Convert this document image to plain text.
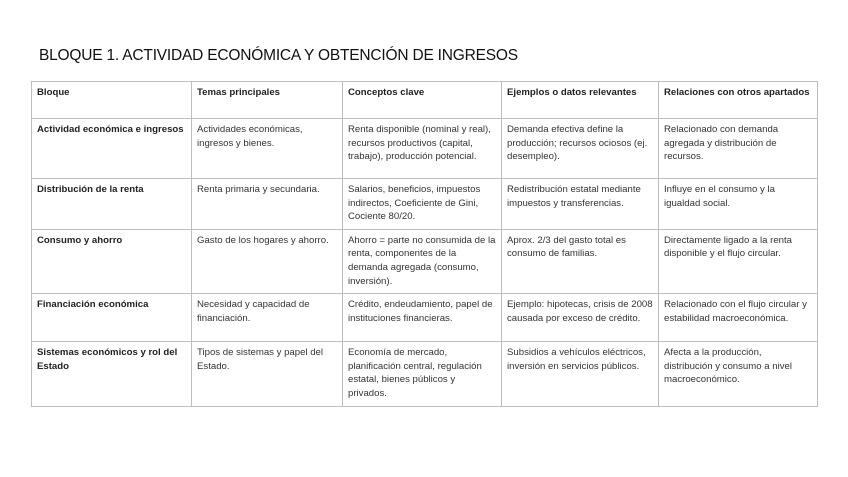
BLOQUE 1. ACTIVIDAD ECONÓMICA Y OBTENCIÓN DE INGRESOS
Bloque	Temas principales	Conceptos clave	Ejemplos o datos relevantes	Relaciones con otros apartados
Actividad económica e ingresos	Actividades económicas, ingresos y bienes.	Renta disponible (nominal y real), recursos productivos (capital, trabajo), producción potencial.	Demanda efectiva define la producción; recursos ociosos (ej. desempleo).	Relacionado con demanda agregada y distribución de recursos.
Distribución de la renta	Renta primaria y secundaria.	Salarios, beneficios, impuestos indirectos, Coeficiente de Gini, Cociente 80/20.	Redistribución estatal mediante impuestos y transferencias.	Influye en el consumo y la igualdad social.
Consumo y ahorro	Gasto de los hogares y ahorro.	Ahorro = parte no consumida de la renta, componentes de la demanda agregada (consumo, inversión).	Aprox. 2/3 del gasto total es consumo de familias.	Directamente ligado a la renta disponible y el flujo circular.
Financiación económica	Necesidad y capacidad de financiación.	Crédito, endeudamiento, papel de instituciones financieras.	Ejemplo: hipotecas, crisis de 2008 causada por exceso de crédito.	Relacionado con el flujo circular y estabilidad macroeconómica.
Sistemas económicos y rol del Estado	Tipos de sistemas y papel del Estado.	Economía de mercado, planificación central, regulación estatal, bienes públicos y privados.	Subsidios a vehículos eléctricos, inversión en servicios públicos.	Afecta a la producción, distribución y consumo a nivel macroeconómico.
